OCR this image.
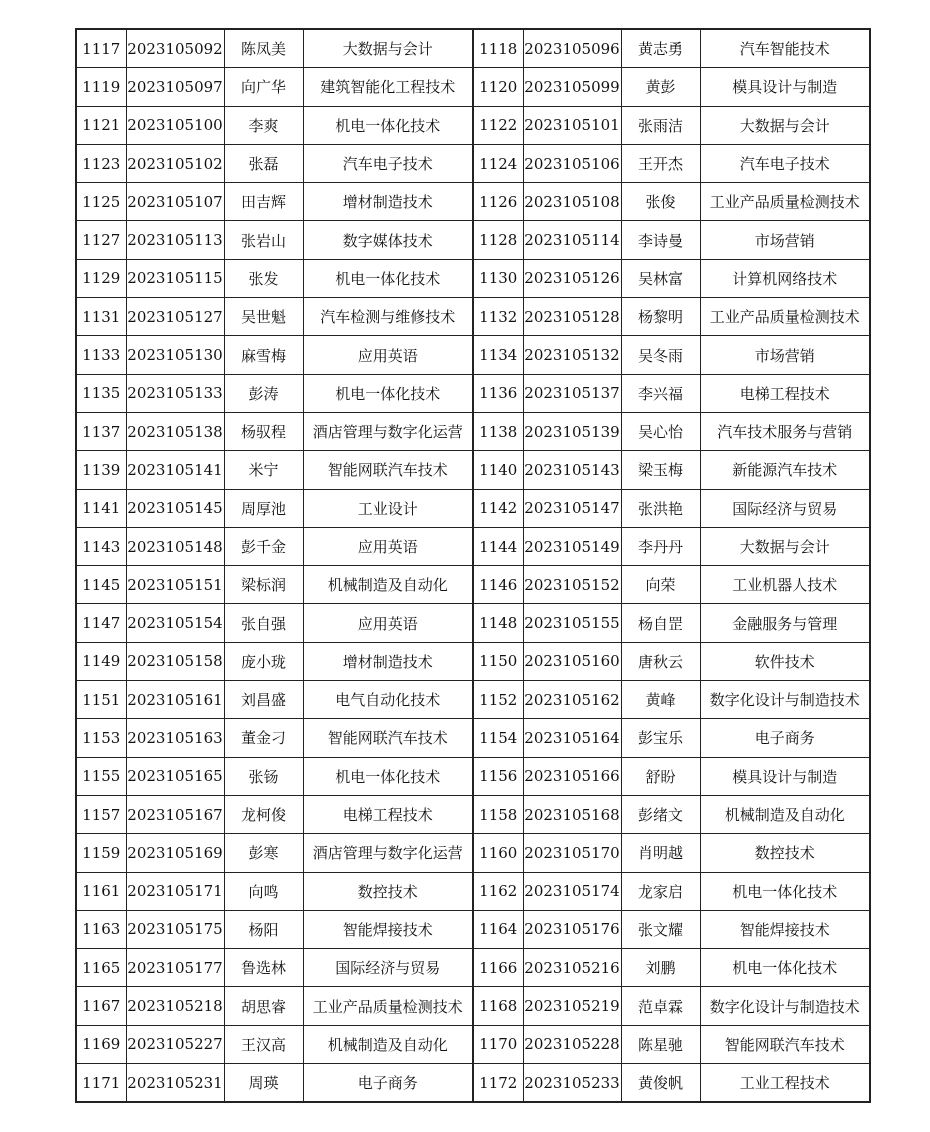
1117	2023105092	陈凤美	大数据与会计	1118	2023105096	黄志勇	汽车智能技术
1119	2023105097	向广华	建筑智能化工程技术	1120	2023105099	黄彭	模具设计与制造
1121	2023105100	李爽	机电一体化技术	1122	2023105101	张雨洁	大数据与会计
1123	2023105102	张磊	汽车电子技术	1124	2023105106	王开杰	汽车电子技术
1125	2023105107	田吉辉	增材制造技术	1126	2023105108	张俊	工业产品质量检测技术
1127	2023105113	张岩山	数字媒体技术	1128	2023105114	李诗曼	市场营销
1129	2023105115	张发	机电一体化技术	1130	2023105126	吴林富	计算机网络技术
1131	2023105127	吴世魁	汽车检测与维修技术	1132	2023105128	杨黎明	工业产品质量检测技术
1133	2023105130	麻雪梅	应用英语	1134	2023105132	吴冬雨	市场营销
1135	2023105133	彭涛	机电一体化技术	1136	2023105137	李兴福	电梯工程技术
1137	2023105138	杨驭程	酒店管理与数字化运营	1138	2023105139	吴心怡	汽车技术服务与营销
1139	2023105141	米宁	智能网联汽车技术	1140	2023105143	梁玉梅	新能源汽车技术
1141	2023105145	周厚池	工业设计	1142	2023105147	张洪艳	国际经济与贸易
1143	2023105148	彭千金	应用英语	1144	2023105149	李丹丹	大数据与会计
1145	2023105151	梁标润	机械制造及自动化	1146	2023105152	向荣	工业机器人技术
1147	2023105154	张自强	应用英语	1148	2023105155	杨自罡	金融服务与管理
1149	2023105158	庞小珑	增材制造技术	1150	2023105160	唐秋云	软件技术
1151	2023105161	刘昌盛	电气自动化技术	1152	2023105162	黄峰	数字化设计与制造技术
1153	2023105163	董金刁	智能网联汽车技术	1154	2023105164	彭宝乐	电子商务
1155	2023105165	张钖	机电一体化技术	1156	2023105166	舒盼	模具设计与制造
1157	2023105167	龙柯俊	电梯工程技术	1158	2023105168	彭绪文	机械制造及自动化
1159	2023105169	彭寒	酒店管理与数字化运营	1160	2023105170	肖明越	数控技术
1161	2023105171	向鸣	数控技术	1162	2023105174	龙家启	机电一体化技术
1163	2023105175	杨阳	智能焊接技术	1164	2023105176	张文耀	智能焊接技术
1165	2023105177	鲁选林	国际经济与贸易	1166	2023105216	刘鹏	机电一体化技术
1167	2023105218	胡思睿	工业产品质量检测技术	1168	2023105219	范卓霖	数字化设计与制造技术
1169	2023105227	王汉高	机械制造及自动化	1170	2023105228	陈星驰	智能网联汽车技术
1171	2023105231	周瑛	电子商务	1172	2023105233	黄俊帆	工业工程技术
